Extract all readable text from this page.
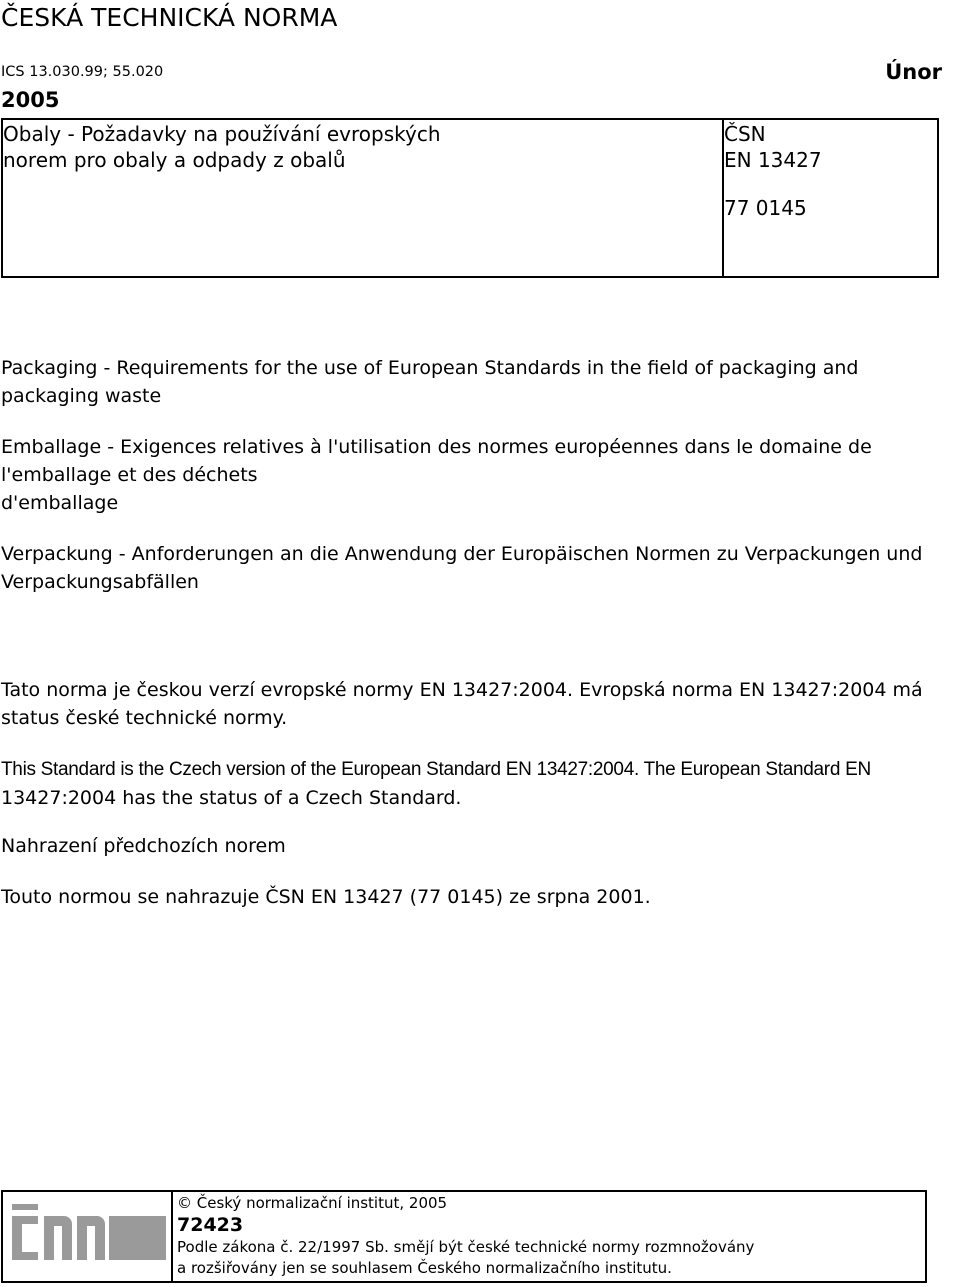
ČESKÁ TECHNICKÁ NORMA
ICS 13.030.99; 55.020	Únor
2005
Obaly - Požadavky na používání evropských norem pro obaly a odpady z obalů
ČSN
EN 13427
77 0145
Packaging - Requirements for the use of European Standards in the field of packaging and packaging waste
Emballage - Exigences relatives à l'utilisation des normes européennes dans le domaine de l'emballage et des déchets
d'emballage
Verpackung - Anforderungen an die Anwendung der Europäischen Normen zu Verpackungen und Verpackungsabfällen
Tato norma je českou verzí evropské normy EN 13427:2004. Evropská norma EN 13427:2004 má status české technické normy.
This Standard is the Czech version of the European Standard EN 13427:2004. The European Standard EN
13427:2004 has the status of a Czech Standard.
Nahrazení předchozích norem
Touto normou se nahrazuje ČSN EN 13427 (77 0145) ze srpna 2001.
© Český normalizační institut, 2005
72423
Podle zákona č. 22/1997 Sb. smějí být české technické normy rozmnožovány
a rozšiřovány jen se souhlasem Českého normalizačního institutu.
